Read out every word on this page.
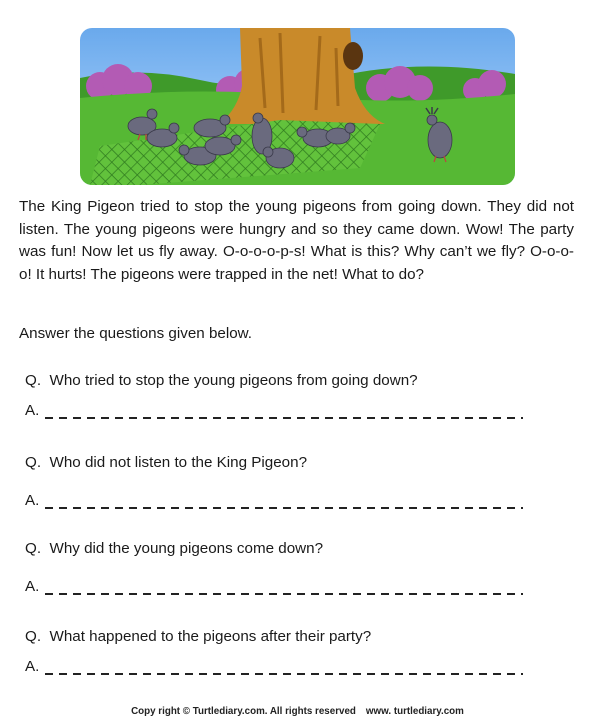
The King Pigeon tried to stop the young pigeons from going down. They did not listen. The young pigeons were hungry and so they came down. Wow! The party was fun! Now let us fly away. O-o-o-o-p-s! What is this? Why can’t we fly? O-o-o-o! It hurts! The pigeons were trapped in the net! What to do?

Answer the questions given below.

Q. Who tried to stop the young pigeons from going down?

A.

Q. Who did not listen to the King Pigeon?

A.

Q. Why did the young pigeons come down?

A.

Q. What happened to the pigeons after their party?

A.

Copy right © Turtlediary.com. All rights reserved www. turtlediary.com
